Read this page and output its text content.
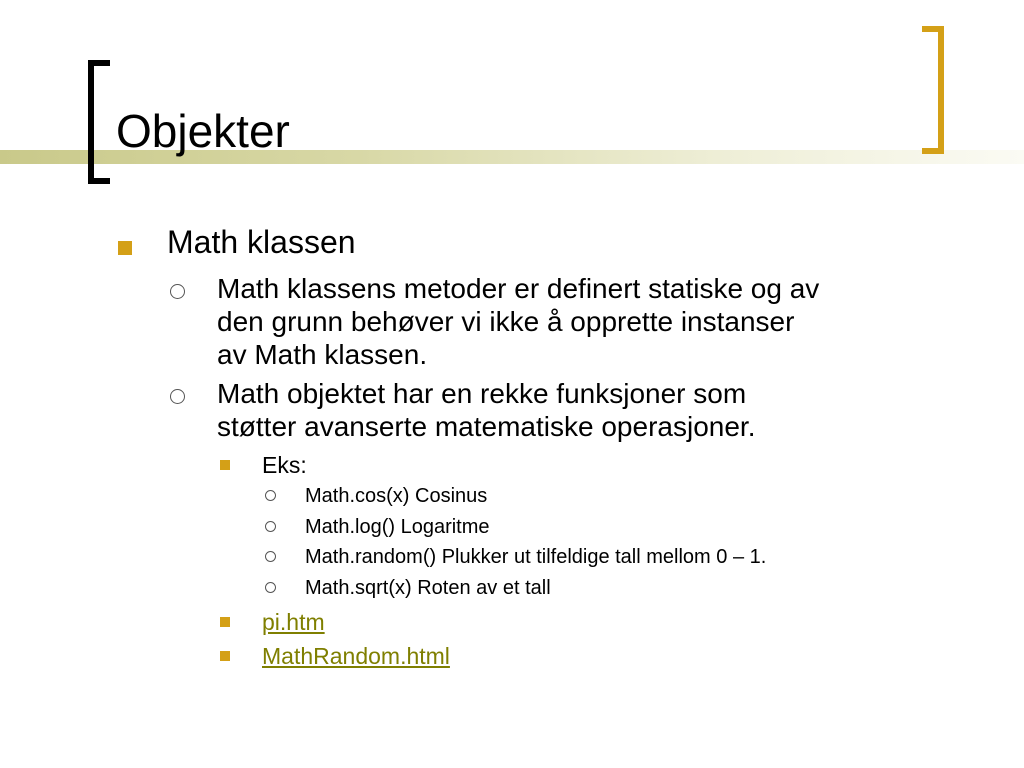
Objekter
Math klassen
Math klassens metoder er definert statiske og av
den grunn behøver vi ikke å opprette instanser
av Math klassen.
Math objektet har en rekke funksjoner som
støtter avanserte matematiske operasjoner.
Eks:
Math.cos(x) Cosinus
Math.log() Logaritme
Math.random() Plukker ut tilfeldige tall mellom 0 – 1.
Math.sqrt(x) Roten av et tall
pi.htm
MathRandom.html
